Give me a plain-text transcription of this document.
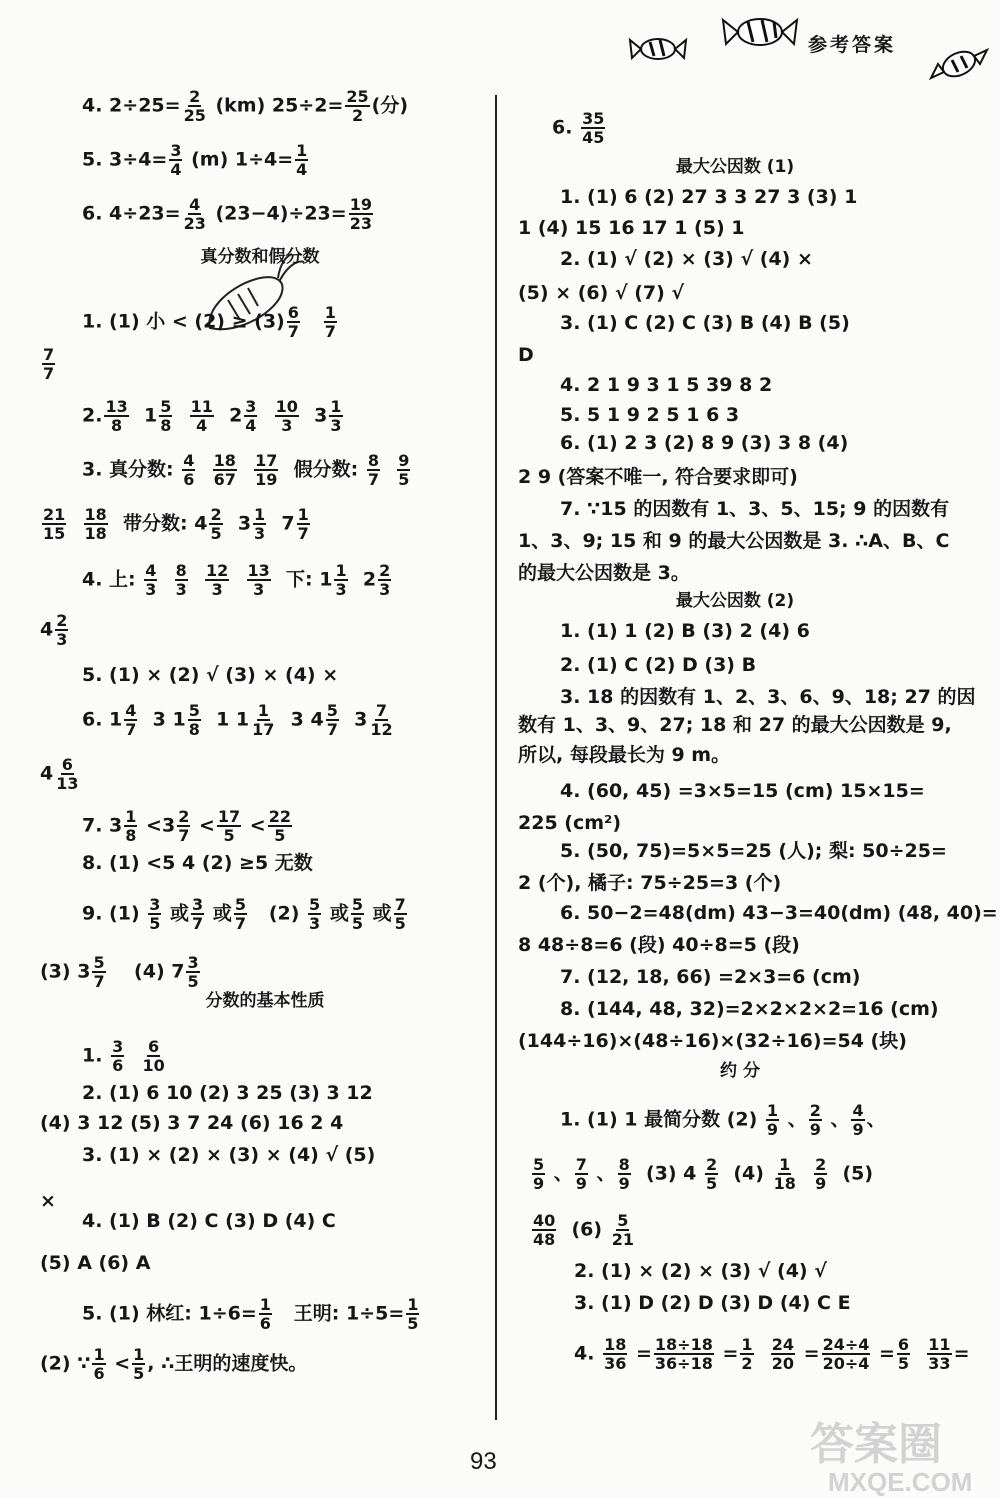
参考答案
4. $2\div 25= \frac{2}{25} (km)$ $25\div 2= \frac{25}{2}$ (分)
5. $3\div 4= \frac{3}{4} (m)$ $1\div 4= \frac{1}{4}$
6. $4\div 23= \frac{4}{23} (23-4)\div 23= \frac{19}{23}$
真分数和假分数
1. (1) 小 < $(2) \ge (3) \frac{6}{7}$
$\frac{1}{7}$
$\frac{7}{7}$
2. $\frac{13}{8} 1 \frac{5}{8}$
$\frac{11}{4} 2 \frac{3}{4}$
$\frac{10}{3} 3 \frac{1}{3}$
3. 真分数: $\frac{4}{6}$
$\frac{18}{67}$
$\frac{17}{19}$ 假分数: $\frac{8}{7}$
$\frac{9}{5}$
$\frac{21}{15}$
$\frac{18}{18}$ 带分数: $4 \frac{2}{5} 3 \frac{1}{3} 7 \frac{1}{7}$
4. 上: $\frac{4}{3}$
$\frac{8}{3}$
$\frac{12}{3}$
$\frac{13}{3}$ 下: $1 \frac{1}{3} 2 \frac{2}{3}$
$4 \frac{2}{3}$
5. (1) × (2) √ (3) × (4) ×
6. $1 \frac{4}{7} 3$ $1 \frac{5}{8} 1$ $1 \frac{1}{17} 3$ $4 \frac{5}{7} 3 \frac{7}{12}$
$4 \frac{6}{13}$
7. $3 \frac{1}{8} <3 \frac{2}{7} < \frac{17}{5} < \frac{22}{5}$
8. (1) <5 4 (2) ≥5 无数
9. $(1) \frac{3}{5}$ 或 $\frac{3}{7}$ 或 $\frac{5}{7} (2) \frac{5}{3}$ 或 $\frac{5}{5}$ 或 $\frac{7}{5}$
(3) $3 \frac{5}{7} (4)$ $7 \frac{3}{5}$
分数的基本性质
1. $\frac{3}{6}$
$\frac{6}{10}$
2. (1) 6 10 (2) 3 25 (3) 3 12
(4) 3 12 (5) 3 7 24 (6) 16 2 4
3. (1) × (2) × (3) × (4) √ (5)
×
4. (1) B (2) C (3) D (4) C
(5) A (6) A
5. (1) 林红: $1\div 6= \frac{1}{6}$ 王明: $1\div 5= \frac{1}{5}$
(2) ∵ $\frac{1}{6} < \frac{1}{5}$ , ∴王明的速度快。
6. $\frac{35}{45}$
最大公因数 (1)
1. (1) 6 (2) 27 3 3 27 3 (3) 1
1 (4) 15 16 17 1 (5) 1
2. (1) √ (2) × (3) √ (4) ×
(5) × (6) √ (7) √
3. (1) C (2) C (3) B (4) B (5)
D
4. 2 1 9 3 1 5 39 8 2
5. 5 1 9 2 5 1 6 3
6. (1) 2 3 (2) 8 9 (3) 3 8 (4)
2 9 (答案不唯一, 符合要求即可)
7. ∵15 的因数有 1、3、5、15; 9 的因数有
1、3、9; 15 和 9 的最大公因数是 3. ∴A、B、C
的最大公因数是 3。
最大公因数 (2)
1. (1) 1 (2) B (3) 2 (4) 6
2. (1) C (2) D (3) B
3. 18 的因数有 1、2、3、6、9、18; 27 的因
数有 1、3、9、27; 18 和 27 的最大公因数是 9,
所以, 每段最长为 9 m。
4. (60, 45) =3×5=15 (cm) 15×15=
225 (cm²)
5. (50, 75)=5×5=25 (人); 梨: 50÷25=
2 (个), 橘子: 75÷25=3 (个)
6. 50−2=48(dm) 43−3=40(dm) (48, 40)=
8 48÷8=6 (段) 40÷8=5 (段)
7. (12, 18, 66) =2×3=6 (cm)
8. (144, 48, 32)=2×2×2×2=16 (cm)
(144÷16)×(48÷16)×(32÷16)=54 (块)
约 分
1. (1) 1 最简分数 $(2) \frac{1}{9}$ 、 $\frac{2}{9}$ 、 $\frac{4}{9}$ 、
$\frac{5}{9}$ 、 $\frac{7}{9}$ 、 $\frac{8}{9} (3)$ $4 \frac{2}{5} (4) \frac{1}{18}$
$\frac{2}{9} (5)$
$\frac{40}{48} (6) \frac{5}{21}$
2. (1) × (2) × (3) √ (4) √
3. (1) D (2) D (3) D (4) C E
4. $\frac{18}{36} = \frac{18\div 18}{36\div 18} = \frac{1}{2}$
$\frac{24}{20} = \frac{24\div 4}{20\div 4} = \frac{6}{5}$
$\frac{11}{33}$ =
93	答案圈
MXQE.COM
